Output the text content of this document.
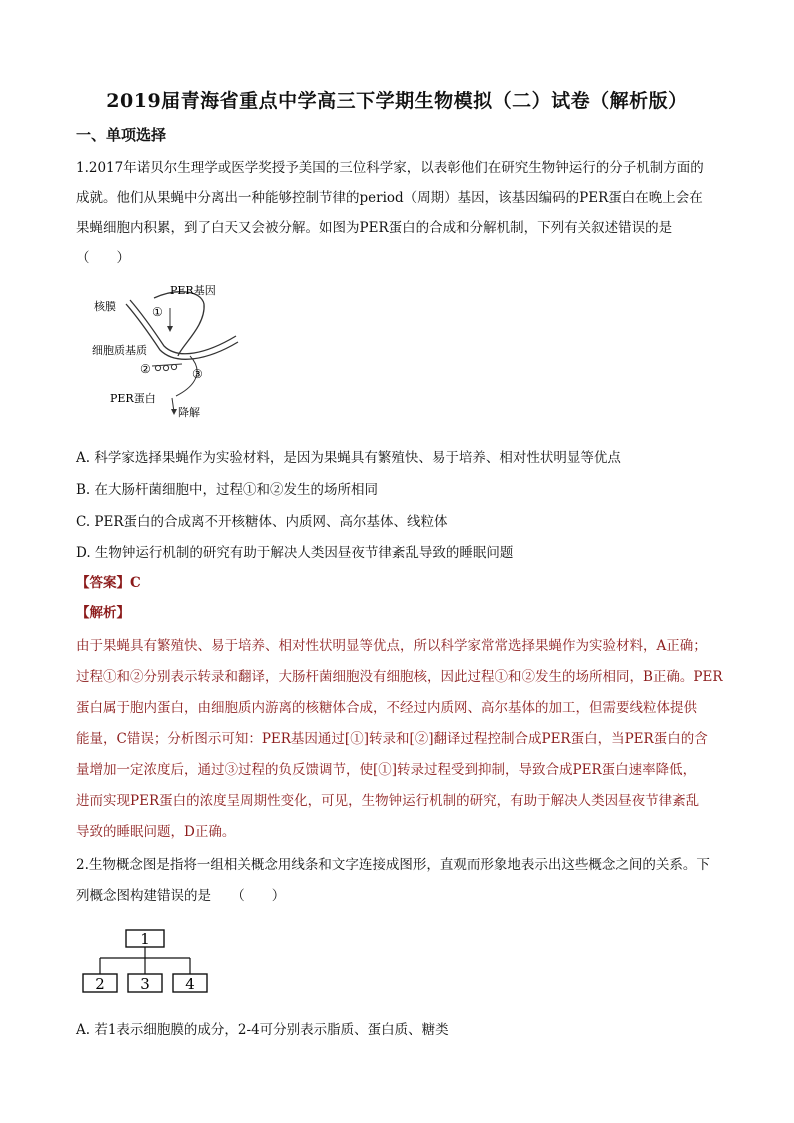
2019届青海省重点中学高三下学期生物模拟（二）试卷（解析版）
一、单项选择
1.2017年诺贝尔生理学或医学奖授予美国的三位科学家，以表彰他们在研究生物钟运行的分子机制方面的
成就。他们从果蝇中分离出一种能够控制节律的period（周期）基因，该基因编码的PER蛋白在晚上会在
果蝇细胞内积累，到了白天又会被分解。如图为PER蛋白的合成和分解机制，下列有关叙述错误的是
（　　）
PER基因
核膜
细胞质基质
PER蛋白
降解
①
②	③
A. 科学家选择果蝇作为实验材料，是因为果蝇具有繁殖快、易于培养、相对性状明显等优点
B. 在大肠杆菌细胞中，过程①和②发生的场所相同
C. PER蛋白的合成离不开核糖体、内质网、高尔基体、线粒体
D. 生物钟运行机制的研究有助于解决人类因昼夜节律紊乱导致的睡眠问题
【答案】C
【解析】
由于果蝇具有繁殖快、易于培养、相对性状明显等优点，所以科学家常常选择果蝇作为实验材料，A正确；
过程①和②分别表示转录和翻译，大肠杆菌细胞没有细胞核，因此过程①和②发生的场所相同，B正确。PER
蛋白属于胞内蛋白，由细胞质内游离的核糖体合成，不经过内质网、高尔基体的加工，但需要线粒体提供
能量，C错误；分析图示可知：PER基因通过[①]转录和[②]翻译过程控制合成PER蛋白，当PER蛋白的含
量增加一定浓度后，通过③过程的负反馈调节，使[①]转录过程受到抑制，导致合成PER蛋白速率降低，
进而实现PER蛋白的浓度呈周期性变化，可见，生物钟运行机制的研究，有助于解决人类因昼夜节律紊乱
导致的睡眠问题，D正确。
2.生物概念图是指将一组相关概念用线条和文字连接成图形，直观而形象地表示出这些概念之间的关系。下
列概念图构建错误的是　　（　　）
1
2 3 4
A. 若1表示细胞膜的成分，2-4可分别表示脂质、蛋白质、糖类
